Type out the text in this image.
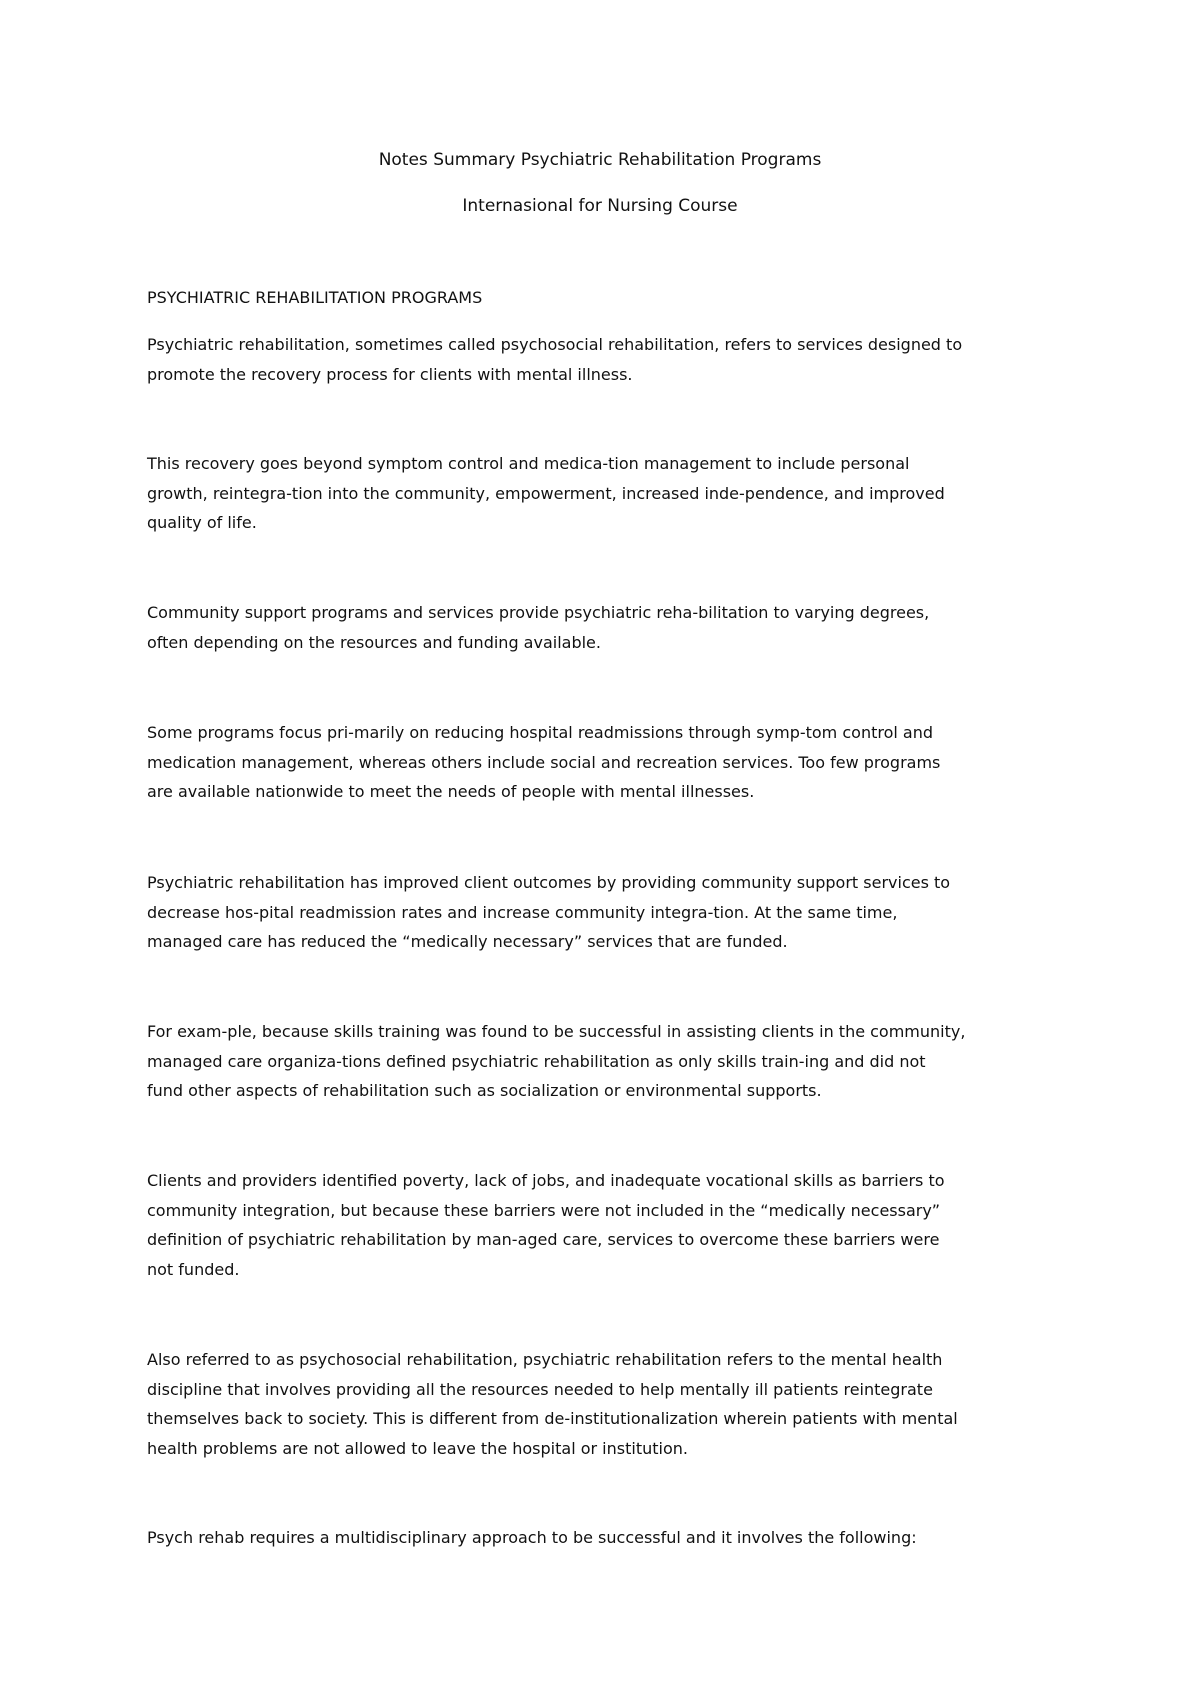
Notes Summary Psychiatric Rehabilitation Programs
Internasional for Nursing Course
PSYCHIATRIC REHABILITATION PROGRAMS

Psychiatric rehabilitation, sometimes called psychosocial rehabilitation, refers to services designed to
promote the recovery process for clients with mental illness.

This recovery goes beyond symptom control and medica-tion management to include personal
growth, reintegra-tion into the community, empowerment, increased inde-pendence, and improved
quality of life.

Community support programs and services provide psychiatric reha-bilitation to varying degrees,
often depending on the resources and funding available.

Some programs focus pri-marily on reducing hospital readmissions through symp-tom control and
medication management, whereas others include social and recreation services. Too few programs
are available nationwide to meet the needs of people with mental illnesses.

Psychiatric rehabilitation has improved client outcomes by providing community support services to
decrease hos-pital readmission rates and increase community integra-tion. At the same time,
managed care has reduced the “medically necessary” services that are funded.

For exam-ple, because skills training was found to be successful in assisting clients in the community,
managed care organiza-tions defined psychiatric rehabilitation as only skills train-ing and did not
fund other aspects of rehabilitation such as socialization or environmental supports.

Clients and providers identified poverty, lack of jobs, and inadequate vocational skills as barriers to
community integration, but because these barriers were not included in the “medically necessary”
definition of psychiatric rehabilitation by man-aged care, services to overcome these barriers were
not funded.

Also referred to as psychosocial rehabilitation, psychiatric rehabilitation refers to the mental health
discipline that involves providing all the resources needed to help mentally ill patients reintegrate
themselves back to society. This is different from de-institutionalization wherein patients with mental
health problems are not allowed to leave the hospital or institution.

Psych rehab requires a multidisciplinary approach to be successful and it involves the following:
